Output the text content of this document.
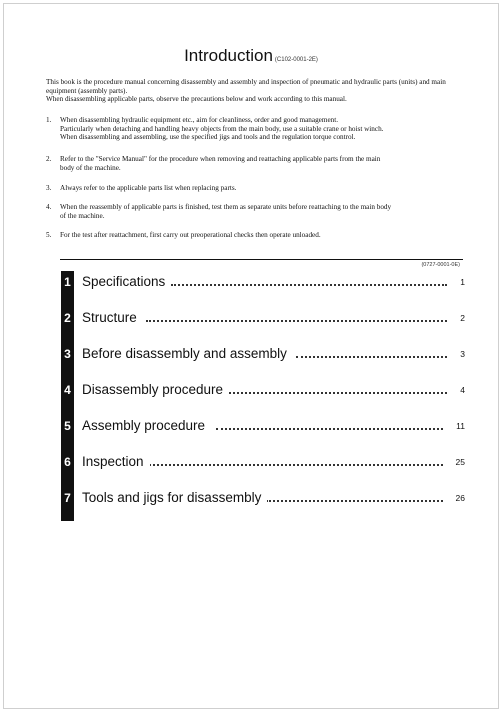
Introduction (C102-0001-2E)

This book is the procedure manual concerning disassembly and assembly and inspection of pneumatic and hydraulic parts (units) and main equipment (assembly parts).

When disassembling applicable parts, observe the precautions below and work according to this manual.

1.	When disassembling hydraulic equipment etc., aim for cleanliness, order and good management.
Particularly when detaching and handling heavy objects from the main body, use a suitable crane or hoist winch.
When disassembling and assembling, use the specified jigs and tools and the regulation torque control.
2.	Refer to the "Service Manual" for the procedure when removing and reattaching applicable parts from the main
body of the machine.
3.	Always refer to the applicable parts list when replacing parts.
4.	When the reassembly of applicable parts is finished, test them as separate units before reattaching to the main body
of the machine.
5.	For the test after reattachment, first carry out preoperational checks then operate unloaded.
(0727-0001-0E)
1 Specifications	1
2 Structure	2
3 Before disassembly and assembly	3
4 Disassembly procedure	4
5 Assembly procedure	11
6 Inspection	25
7 Tools and jigs for disassembly	26
